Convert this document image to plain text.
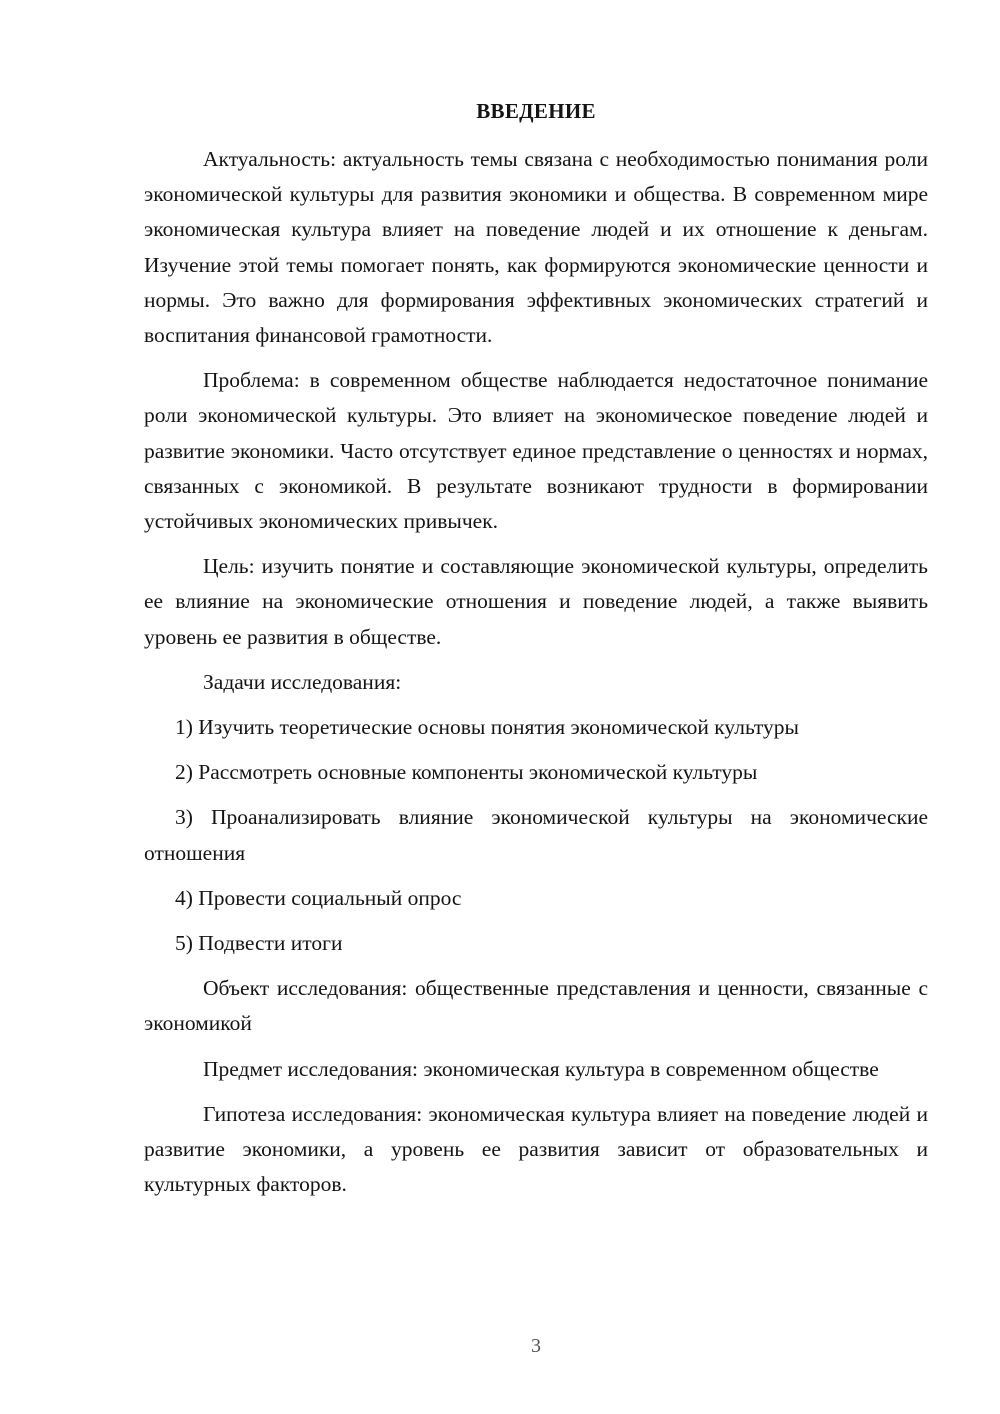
ВВЕДЕНИЕ

Актуальность: актуальность темы связана с необходимостью понимания роли экономической культуры для развития экономики и общества. В современном мире экономическая культура влияет на поведение людей и их отношение к деньгам. Изучение этой темы помогает понять, как формируются экономические ценности и нормы. Это важно для формирования эффективных экономических стратегий и воспитания финансовой грамотности.

Проблема: в современном обществе наблюдается недостаточное понимание роли экономической культуры. Это влияет на экономическое поведение людей и развитие экономики. Часто отсутствует единое представление о ценностях и нормах, связанных с экономикой. В результате возникают трудности в формировании устойчивых экономических привычек.

Цель: изучить понятие и составляющие экономической культуры, определить ее влияние на экономические отношения и поведение людей, а также выявить уровень ее развития в обществе.

Задачи исследования:

1) Изучить теоретические основы понятия экономической культуры

2) Рассмотреть основные компоненты экономической культуры

3) Проанализировать влияние экономической культуры на экономические отношения

4) Провести социальный опрос

5) Подвести итоги

Объект исследования: общественные представления и ценности, связанные с экономикой

Предмет исследования: экономическая культура в современном обществе

Гипотеза исследования: экономическая культура влияет на поведение людей и развитие экономики, а уровень ее развития зависит от образовательных и культурных факторов.

3
